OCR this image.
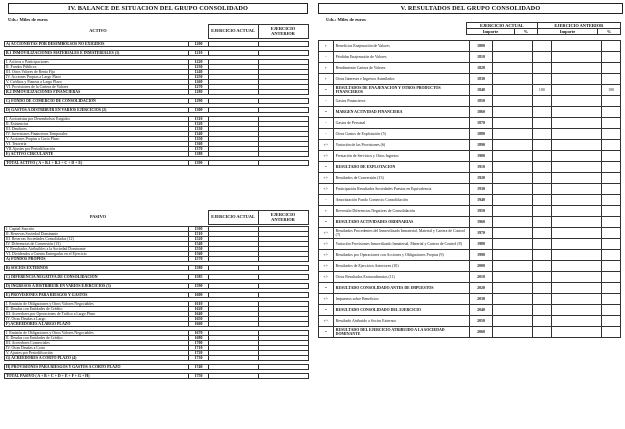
IV. BALANCE DE SITUACION DEL GRUPO CONSOLIDADO
Uds.: Miles de euros
ACTIVO		EJERCICIO ACTUAL	EJERCICIO ANTERIOR
A) ACCIONISTAS POR DESEMBOLSOS NO EXIGIDOS	1200		

B.1 INMOVILIZACIONES MATERIALES E INMATERIALES (1)	1210		

I. Activos o Participaciones	1220		
II. Fondos Públicos	1230		
III. Otros Valores de Renta Fija	1240		
IV. Acciones Propias a Largo Plazo	1250		
V. Créditos y Fianzas a Largo Plazo	1260		
VI. Provisiones de la Cartera de Valores	1270		
B.2 INMOVILIZACIONES FINANCIERAS	1280		

C) FONDO DE COMERCIO DE CONSOLIDACION	1290		

D) GASTOS A DISTRIBUIR EN VARIOS EJERCICIOS (2)	1300		

I. Accionistas por Desembolsos Exigidos	1310		
II. Existencias	1320		
III. Deudores	1330		
IV. Inversiones Financieras Temporales	1340		
V. Acciones Propias a Corto Plazo	1350		
VI. Tesorería	1360		
VII.Ajustes por Periodificación	1370		
E) ACTIVO CIRCULANTE	1380		

TOTAL ACTIVO ( A + B.1 + B.2 + C + D + E)	1390		
PASIVO		EJERCICIO ACTUAL	EJERCICIO ANTERIOR
I. Capital Suscrito	1500		
II. Reservas Sociedad Dominante	1510		
III. Reservas Sociedades Consolidadas (12)	1520		
IV. Diferencias de Conversión (13)	1540		
V. Resultados Atribuibles a la Sociedad Dominante	1550		
VI. Dividendos a Cuenta Entregados en el Ejercicio	1560		
A) FONDOS PROPIOS	1570		

B) SOCIOS EXTERNOS	1580		

C) DIFERENCIA NEGATIVA DE CONSOLIDACION	1585		

D) INGRESOS A DISTRIBUIR EN VARIOS EJERCICIOS (3)	1590		

E) PROVISIONES PARA RIESGOS Y GASTOS	1600		

I. Emisión de Obligaciones y Otros Valores Negociables	1610		
II. Deudas con Entidades de Crédito	1620		
III. Acreedores por Operaciones de Tráfico a Largo Plazo	1640		
IV. Otras Deudas a Largo	1650		
F) ACREEDORES A LARGO PLAZO	1660		

I. Emisión de Obligaciones y Otros Valores Negociables	1670		
II. Deudas con Entidades de Crédito	1680		
III. Acreedores Comerciales	1700		
IV. Otras Deudas a Corto	1710		
V. Ajustes por Periodificación	1720		
G) ACREEDORES A CORTO PLAZO (4)	1730		

H) PROVISIONES PARA RIESGOS Y GASTOS A CORTO PLAZO	1740		

TOTAL PASIVO ( A + B + C + D + E + F + G + H)	1750		
V. RESULTADOS DEL GRUPO CONSOLIDADO
Uds.: Miles de euros
EJERCICIO ACTUAL		EJERCICIO ANTERIOR	
Importe	%	Importe	%
+	Beneficios Enajenación de Valores	1800				
-	Pérdidas Enajenación de Valores	1810				
+	Rendimiento Cartera de Valores	1820				
+	Otros Intereses e Ingresos Asimilados	1830				
=	RESULTADOS DE ENAJENACION Y OTROS PRODUCTOS FINANCIEROS	1840		100		100
-	Gastos Financieros	1850				
=	MARGEN ACTIVIDAD FINANCIERA	1860				
-	Gastos de Personal	1870				
-	Otros Gastos de Explotación (5)	1880				
+/-	Variación de las Provisiones (6)	1890				
+/-	Prestación de Servicios y Otros Ingresos	1900				
=	RESULTADO DE EXPLOTACION	1910				
+/-	Resultados de Conversión (13)	1920				
+/-	Participación Resultados Sociedades Puestas en Equivalencia	1930				
-	Amortización Fondo Comercio Consolidación	1940				
+	Reversión Diferencias Negativas de Consolidación	1950				
=	RESULTADO ACTIVIDADES ORDINARIAS	1960				
+/-	Resultados Procedentes del Inmovilizado Inmaterial, Material y Cartera de Control (7)	1970				
+/-	Variación Provisiones Inmovilizado Inmaterial, Material y Cartera de Control (8)	1980				
+/-	Resultados por Operaciones con Acciones y Obligaciones Propias (9)	1990				
+/-	Resultados de Ejercicios Anteriores (10)	2000				
+/-	Otros Resultados Extraordinarios (11)	2010				
=	RESULTADO CONSOLIDADO ANTES DE IMPUESTOS	2020				
+/-	Impuestos sobre Beneficios	2030				
=	RESULTADO CONSOLIDADO DEL EJERCICIO	2040				
+/-	Resultado Atribuido a Socios Externos	2050				
=	RESULTADO DEL EJERCICIO ATRIBUIDO A LA SOCIEDAD DOMINANTE	2060				
